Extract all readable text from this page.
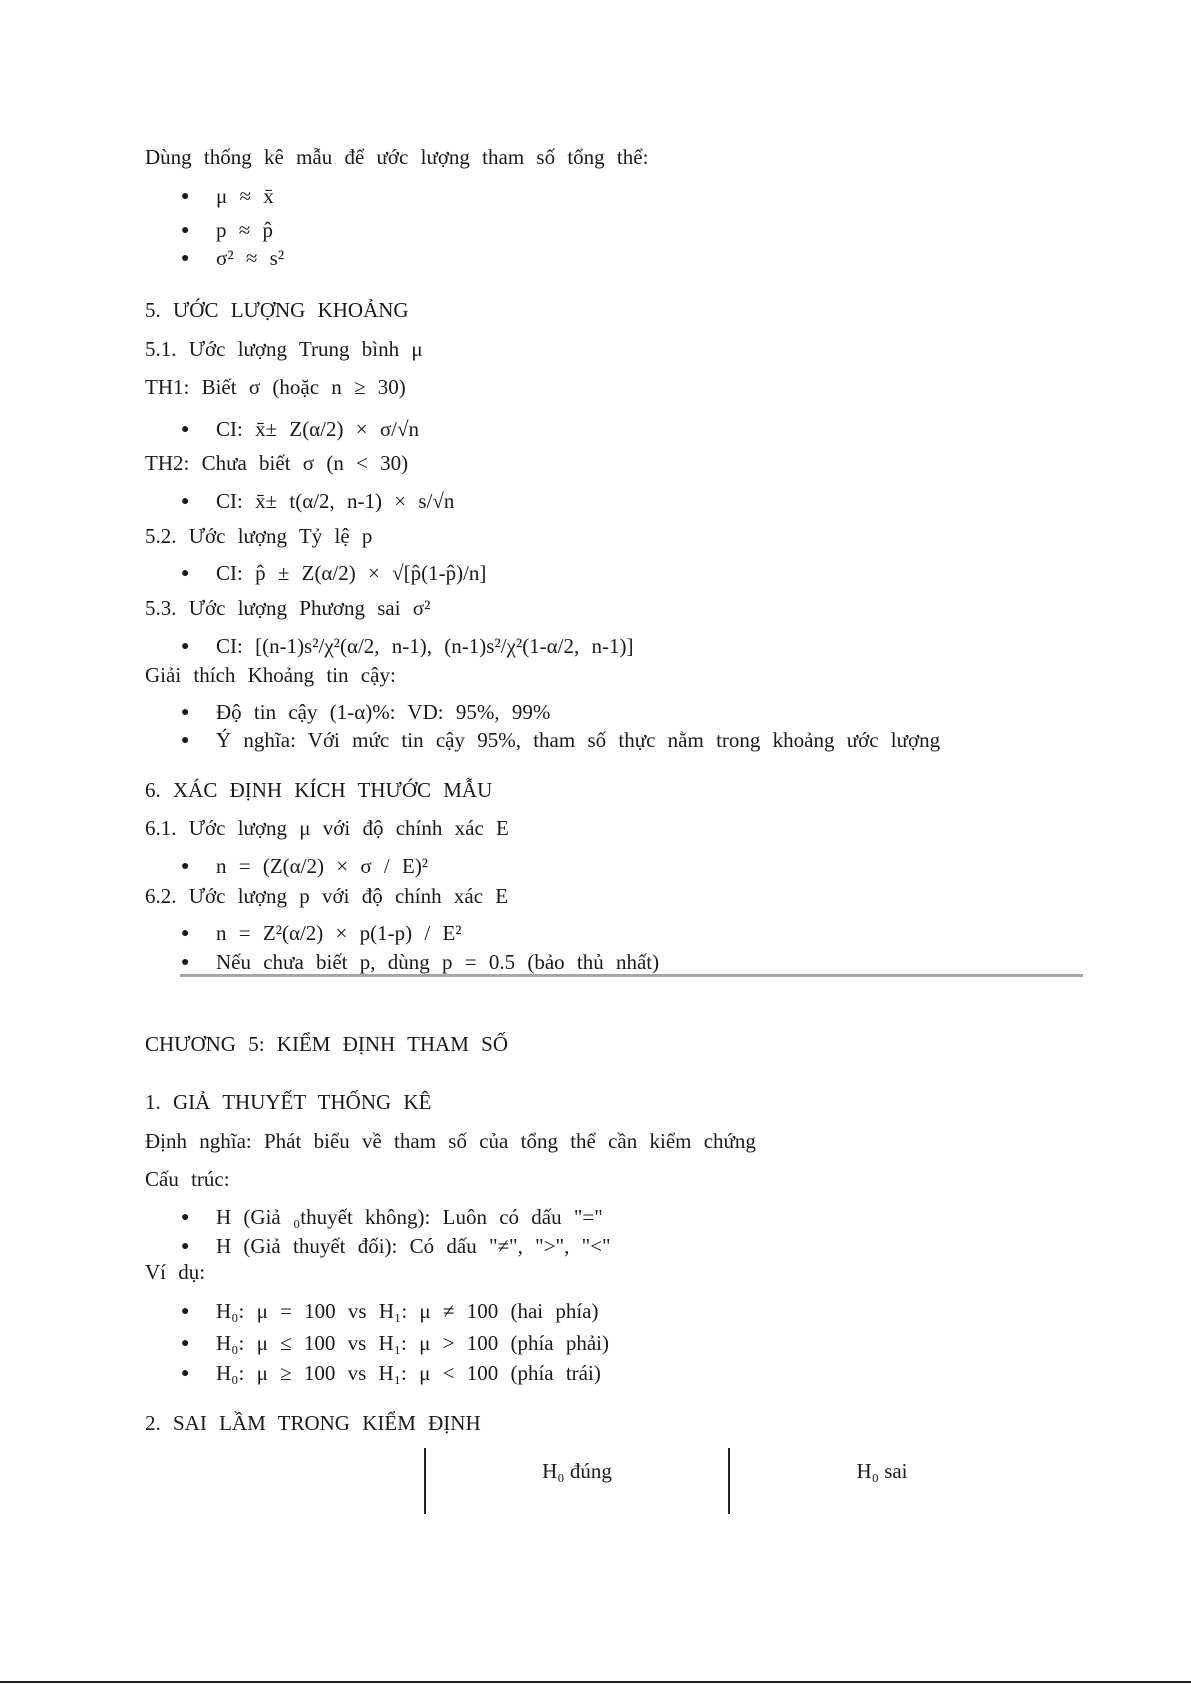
Dùng thống kê mẫu để ước lượng tham số tổng thể:
● μ ≈ x̄
● p ≈ p̂
● σ² ≈ s²
5. ƯỚC LƯỢNG KHOẢNG
5.1. Ước lượng Trung bình μ
TH1: Biết σ (hoặc n ≥ 30)
● CI: x̄± Z(α/2) × σ/√n
TH2: Chưa biết σ (n < 30)
● CI: x̄± t(α/2, n-1) × s/√n
5.2. Ước lượng Tỷ lệ p
● CI: p̂ ± Z(α/2) × √[p̂(1-p̂)/n]
5.3. Ước lượng Phương sai σ²
● CI: [(n-1)s²/χ²(α/2, n-1), (n-1)s²/χ²(1-α/2, n-1)]
Giải thích Khoảng tin cậy:
● Độ tin cậy (1-α)%: VD: 95%, 99%
● Ý nghĩa: Với mức tin cậy 95%, tham số thực nằm trong khoảng ước lượng
6. XÁC ĐỊNH KÍCH THƯỚC MẪU
6.1. Ước lượng μ với độ chính xác E
● n = (Z(α/2) × σ / E)²
6.2. Ước lượng p với độ chính xác E
● n = Z²(α/2) × p(1-p) / E²
● Nếu chưa biết p, dùng p = 0.5 (bảo thủ nhất)
CHƯƠNG 5: KIỂM ĐỊNH THAM SỐ
1. GIẢ THUYẾT THỐNG KÊ
Định nghĩa: Phát biểu về tham số của tổng thể cần kiểm chứng
Cấu trúc:
● H (Giả ₀thuyết không): Luôn có dấu "="
● H (Giả thuyết đối): Có dấu "≠", ">", "<"
Ví dụ:
● H₀: μ = 100 vs H₁: μ ≠ 100 (hai phía)
● H₀: μ ≤ 100 vs H₁: μ > 100 (phía phải)
● H₀: μ ≥ 100 vs H₁: μ < 100 (phía trái)
2. SAI LẦM TRONG KIỂM ĐỊNH
H₀ đúng	H₀ sai
